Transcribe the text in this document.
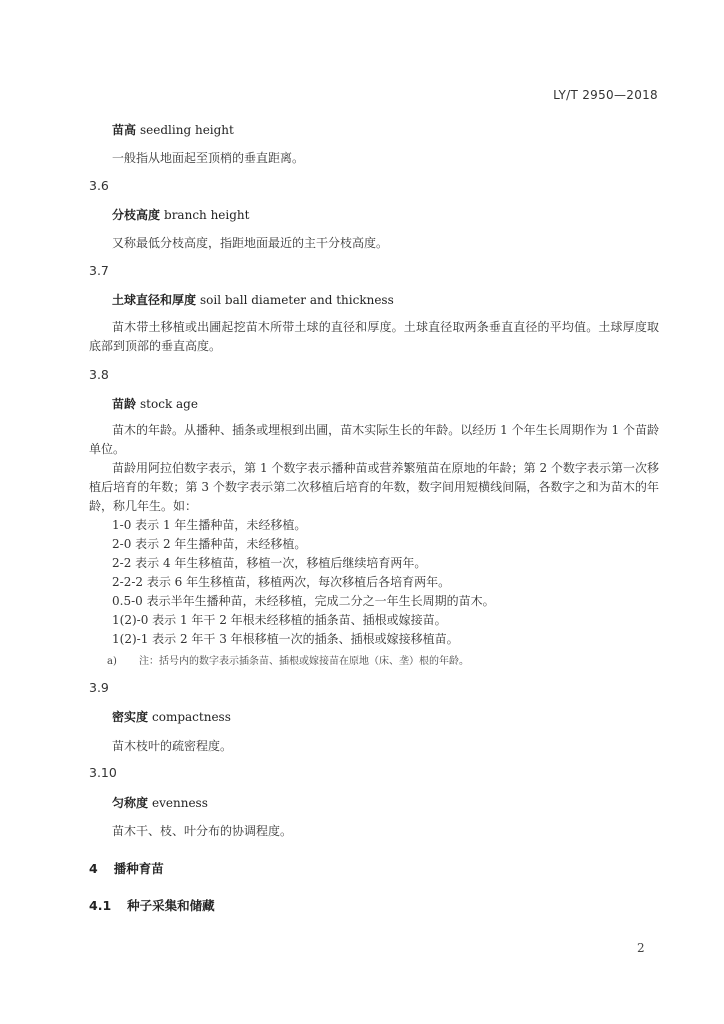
LY/T 2950—2018
苗高 seedling height
一般指从地面起至顶梢的垂直距离。
3.6
分枝高度 branch height
又称最低分枝高度，指距地面最近的主干分枝高度。
3.7
土球直径和厚度 soil ball diameter and thickness

苗木带土移植或出圃起挖苗木所带土球的直径和厚度。土球直径取两条垂直直径的平均值。土球厚度取底部到顶部的垂直高度。

3.8
苗龄 stock age

苗木的年龄。从播种、插条或埋根到出圃，苗木实际生长的年龄。以经历 1 个年生长周期作为 1 个苗龄单位。

苗龄用阿拉伯数字表示，第 1 个数字表示播种苗或营养繁殖苗在原地的年龄；第 2 个数字表示第一次移植后培育的年数；第 3 个数字表示第二次移植后培育的年数，数字间用短横线间隔，各数字之和为苗木的年龄，称几年生。如：

1-0 表示 1 年生播种苗，未经移植。
2-0 表示 2 年生播种苗，未经移植。
2-2 表示 4 年生移植苗，移植一次，移植后继续培育两年。
2-2-2 表示 6 年生移植苗，移植两次，每次移植后各培育两年。
0.5-0 表示半年生播种苗，未经移植，完成二分之一年生长周期的苗木。
1(2)-0 表示 1 年干 2 年根未经移植的插条苗、插根或嫁接苗。
1(2)-1 表示 2 年干 3 年根移植一次的插条、插根或嫁接移植苗。
a) 注：括号内的数字表示插条苗、插根或嫁接苗在原地（床、垄）根的年龄。
3.9
密实度 compactness
苗木枝叶的疏密程度。
3.10
匀称度 evenness
苗木干、枝、叶分布的协调程度。
4 播种育苗
4.1 种子采集和储藏
2
